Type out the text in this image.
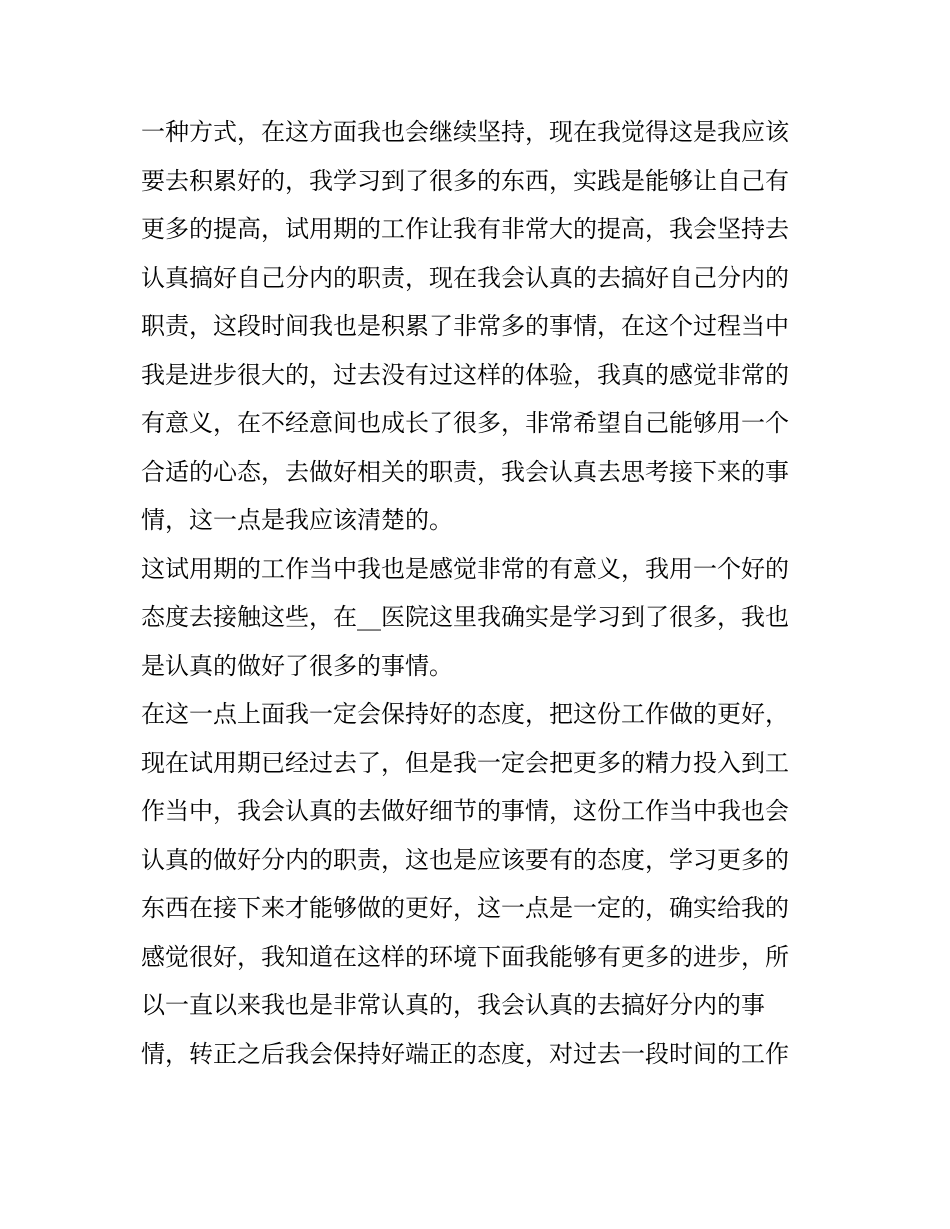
一种方式，在这方面我也会继续坚持，现在我觉得这是我应该
要去积累好的，我学习到了很多的东西，实践是能够让自己有
更多的提高，试用期的工作让我有非常大的提高，我会坚持去
认真搞好自己分内的职责，现在我会认真的去搞好自己分内的
职责，这段时间我也是积累了非常多的事情，在这个过程当中
我是进步很大的，过去没有过这样的体验，我真的感觉非常的
有意义，在不经意间也成长了很多，非常希望自己能够用一个
合适的心态，去做好相关的职责，我会认真去思考接下来的事
情，这一点是我应该清楚的。
这试用期的工作当中我也是感觉非常的有意义，我用一个好的
态度去接触这些，在__医院这里我确实是学习到了很多，我也
是认真的做好了很多的事情。
在这一点上面我一定会保持好的态度，把这份工作做的更好，
现在试用期已经过去了，但是我一定会把更多的精力投入到工
作当中，我会认真的去做好细节的事情，这份工作当中我也会
认真的做好分内的职责，这也是应该要有的态度，学习更多的
东西在接下来才能够做的更好，这一点是一定的，确实给我的
感觉很好，我知道在这样的环境下面我能够有更多的进步，所
以一直以来我也是非常认真的，我会认真的去搞好分内的事
情，转正之后我会保持好端正的态度，对过去一段时间的工作
